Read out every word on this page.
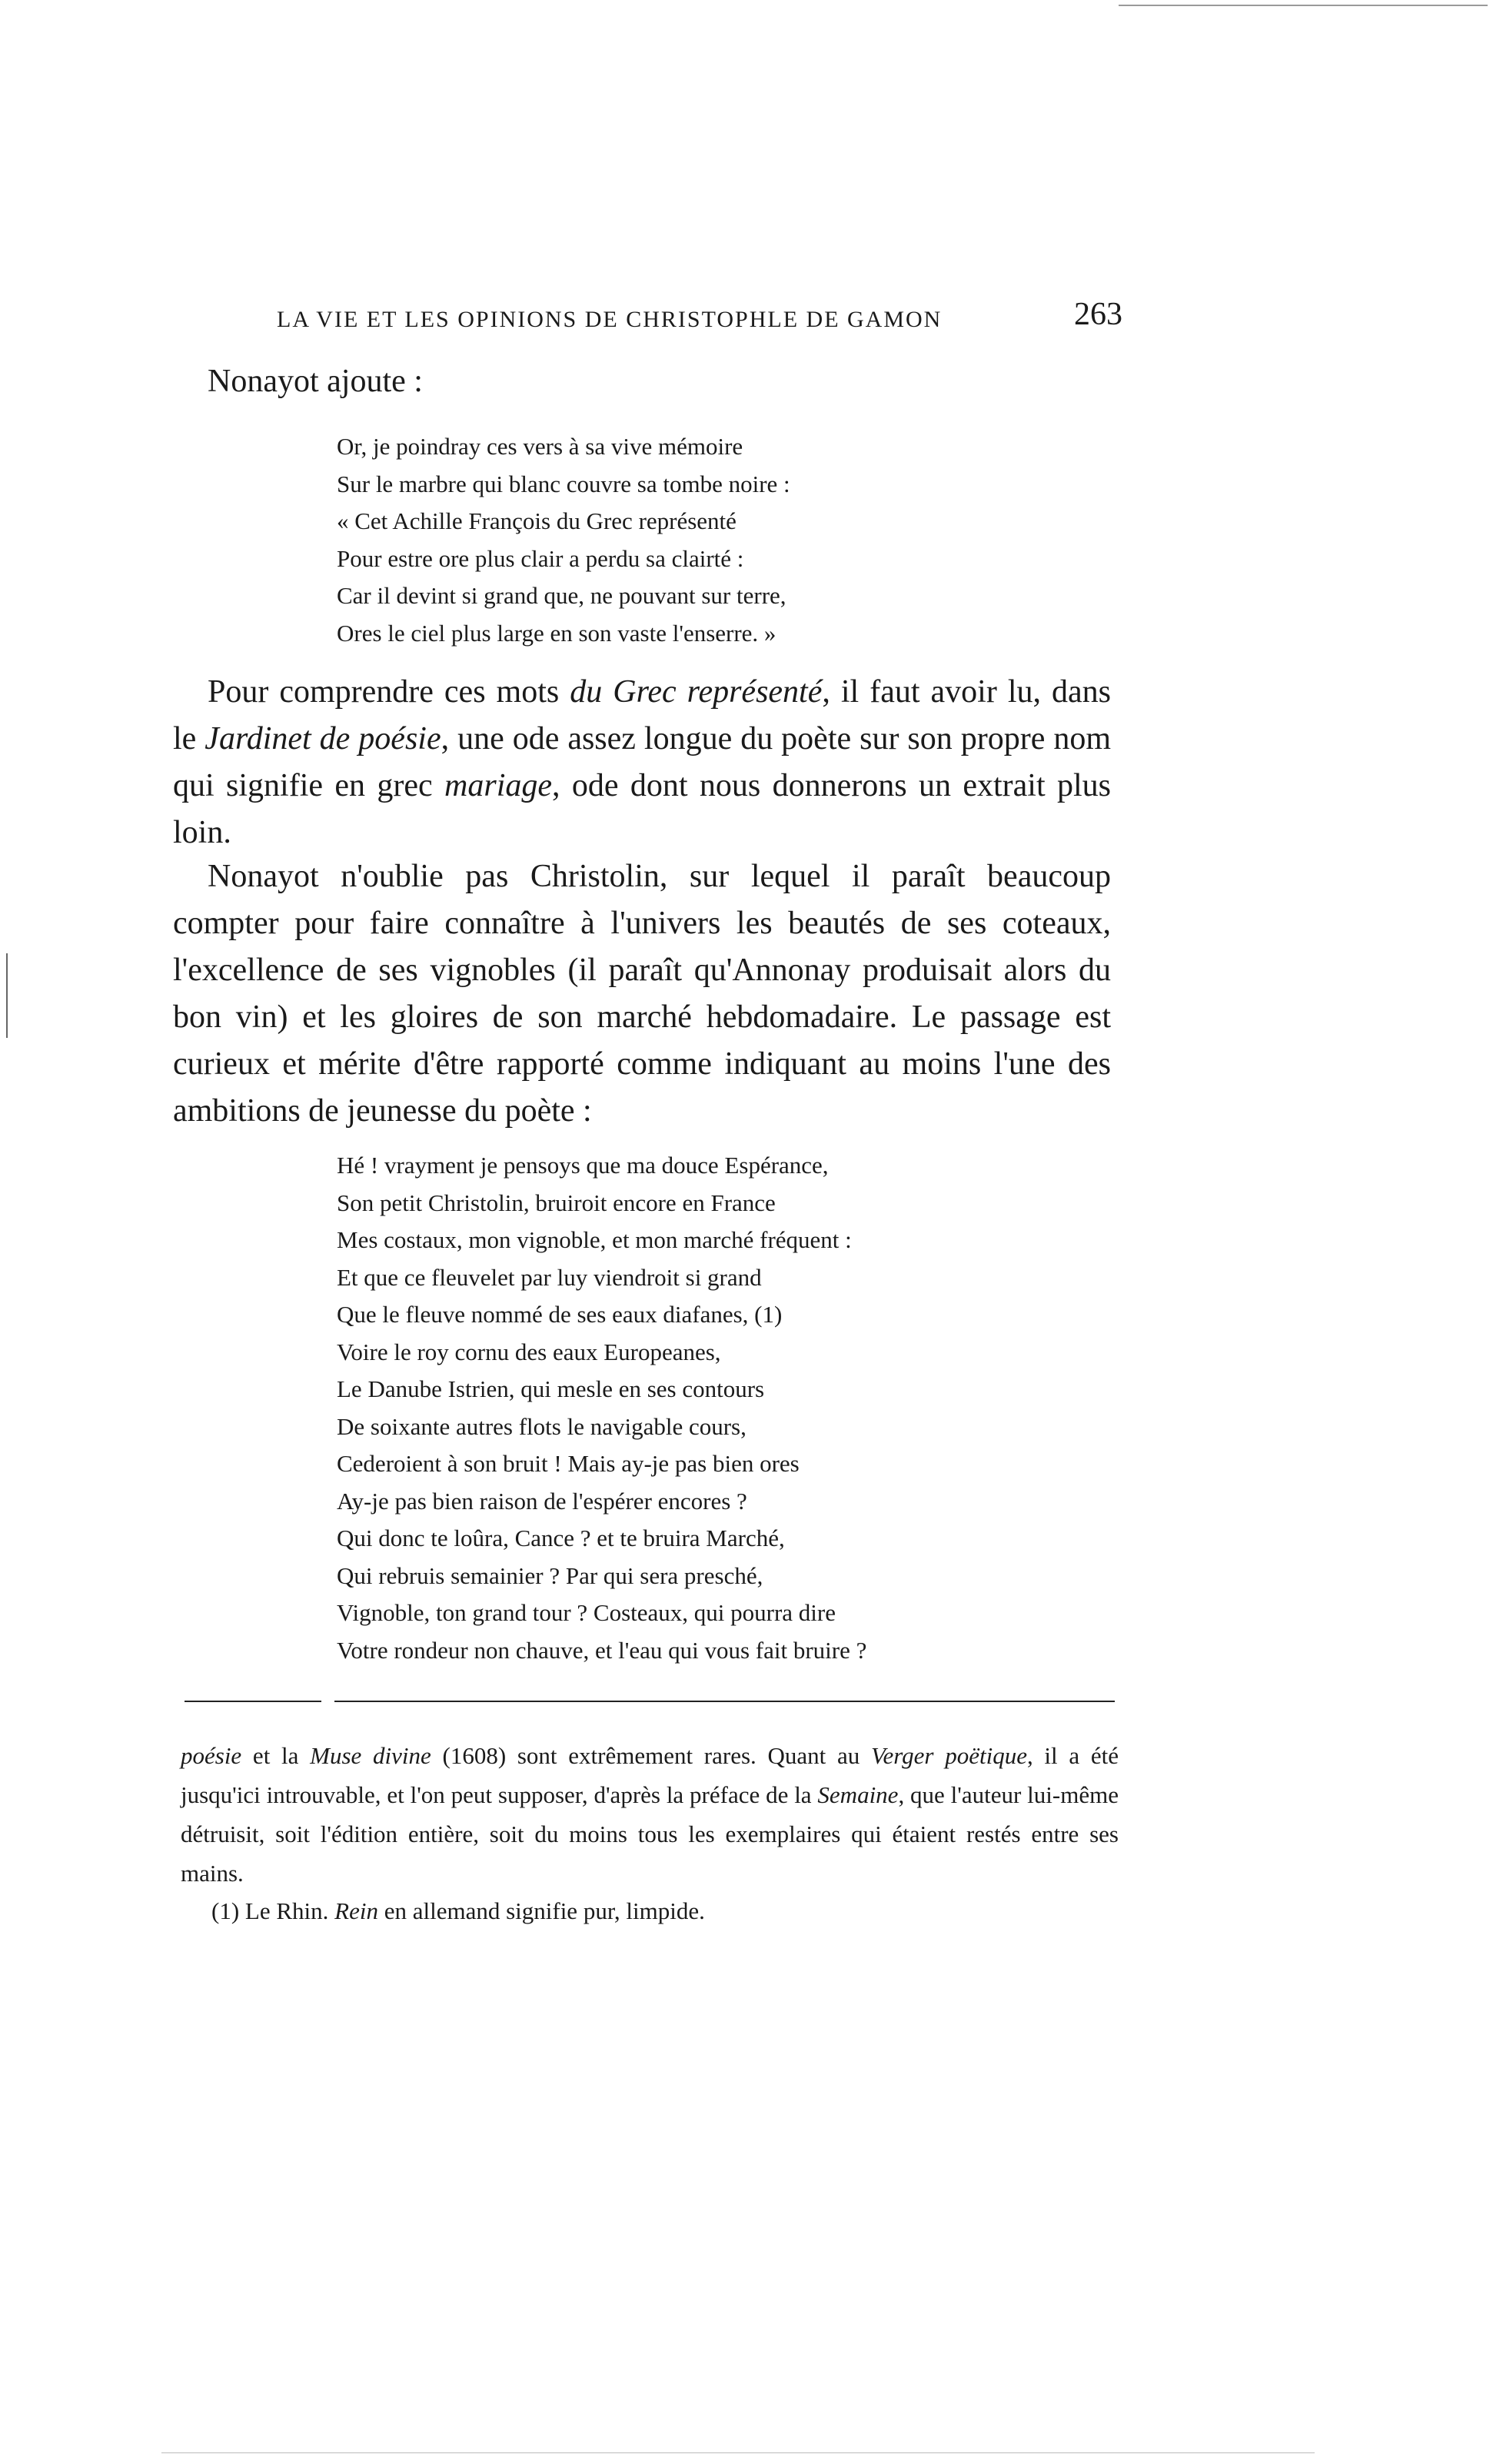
LA VIE ET LES OPINIONS DE CHRISTOPHLE DE GAMON	263
Nonayot ajoute :
Or, je poindray ces vers à sa vive mémoire
Sur le marbre qui blanc couvre sa tombe noire :
« Cet Achille François du Grec représenté
Pour estre ore plus clair a perdu sa clairté :
Car il devint si grand que, ne pouvant sur terre,
Ores le ciel plus large en son vaste l'enserre. »

Pour comprendre ces mots du Grec représenté, il faut avoir lu, dans le Jardinet de poésie, une ode assez longue du poète sur son propre nom qui signifie en grec mariage, ode dont nous donnerons un extrait plus loin.

Nonayot n'oublie pas Christolin, sur lequel il paraît beaucoup compter pour faire connaître à l'univers les beautés de ses coteaux, l'excellence de ses vignobles (il paraît qu'Annonay produisait alors du bon vin) et les gloires de son marché hebdomadaire. Le passage est curieux et mérite d'être rapporté comme indiquant au moins l'une des ambitions de jeunesse du poète :

Hé ! vrayment je pensoys que ma douce Espérance,
Son petit Christolin, bruiroit encore en France
Mes costaux, mon vignoble, et mon marché fréquent :
Et que ce fleuvelet par luy viendroit si grand
Que le fleuve nommé de ses eaux diafanes, (1)
Voire le roy cornu des eaux Europeanes,
Le Danube Istrien, qui mesle en ses contours
De soixante autres flots le navigable cours,
Cederoient à son bruit ! Mais ay-je pas bien ores
Ay-je pas bien raison de l'espérer encores ?
Qui donc te loûra, Cance ? et te bruira Marché,
Qui rebruis semainier ? Par qui sera presché,
Vignoble, ton grand tour ? Costeaux, qui pourra dire
Votre rondeur non chauve, et l'eau qui vous fait bruire ?

poésie et la Muse divine (1608) sont extrêmement rares. Quant au Verger poëtique, il a été jusqu'ici introuvable, et l'on peut supposer, d'après la préface de la Semaine, que l'auteur lui-même détruisit, soit l'édition entière, soit du moins tous les exemplaires qui étaient restés entre ses mains.

(1) Le Rhin. Rein en allemand signifie pur, limpide.
